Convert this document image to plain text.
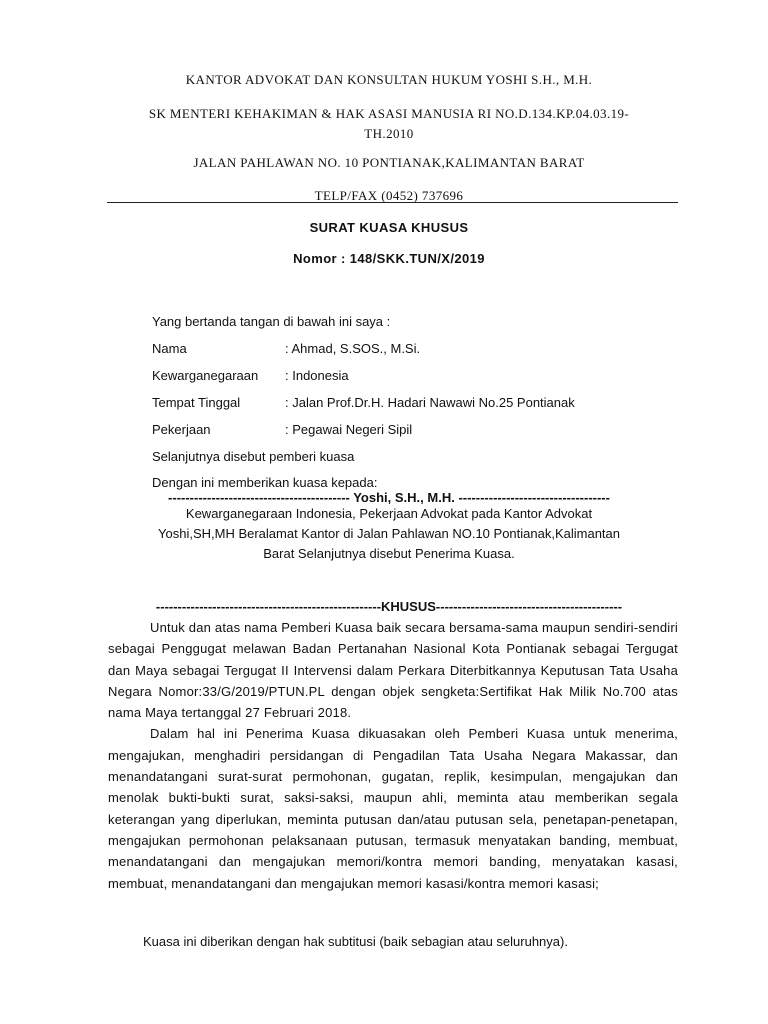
KANTOR ADVOKAT DAN KONSULTAN HUKUM YOSHI S.H., M.H.
SK MENTERI KEHAKIMAN & HAK ASASI MANUSIA RI NO.D.134.KP.04.03.19-
TH.2010
JALAN PAHLAWAN NO. 10 PONTIANAK,KALIMANTAN BARAT
TELP/FAX (0452) 737696
SURAT KUASA KHUSUS
Nomor : 148/SKK.TUN/X/2019
Yang bertanda tangan di bawah ini saya :
Nama	: Ahmad, S.SOS., M.Si.
Kewarganegaraan : Indonesia
Tempat Tinggal	: Jalan Prof.Dr.H. Hadari Nawawi No.25 Pontianak
Pekerjaan	: Pegawai Negeri Sipil
Selanjutnya disebut pemberi kuasa
Dengan ini memberikan kuasa kepada:
------------------------------------------ Yoshi, S.H., M.H. -----------------------------------
Kewarganegaraan Indonesia, Pekerjaan Advokat pada Kantor Advokat
Yoshi,SH,MH Beralamat Kantor di Jalan Pahlawan NO.10 Pontianak,Kalimantan
Barat Selanjutnya disebut Penerima Kuasa.
----------------------------------------------------KHUSUS-------------------------------------------

Untuk dan atas nama Pemberi Kuasa baik secara bersama-sama maupun sendiri-sendiri sebagai Penggugat melawan Badan Pertanahan Nasional Kota Pontianak sebagai Tergugat dan Maya sebagai Tergugat II Intervensi dalam Perkara Diterbitkannya Keputusan Tata Usaha Negara Nomor:33/G/2019/PTUN.PL dengan objek sengketa:Sertifikat Hak Milik No.700 atas nama Maya tertanggal 27 Februari 2018.

Dalam hal ini Penerima Kuasa dikuasakan oleh Pemberi Kuasa untuk menerima, mengajukan, menghadiri persidangan di Pengadilan Tata Usaha Negara Makassar, dan menandatangani surat-surat permohonan, gugatan, replik, kesimpulan, mengajukan dan menolak bukti-bukti surat, saksi-saksi, maupun ahli, meminta atau memberikan segala keterangan yang diperlukan, meminta putusan dan/atau putusan sela, penetapan-penetapan, mengajukan permohonan pelaksanaan putusan, termasuk menyatakan banding, membuat, menandatangani dan mengajukan memori/kontra memori banding, menyatakan kasasi, membuat, menandatangani dan mengajukan memori kasasi/kontra memori kasasi;

Kuasa ini diberikan dengan hak subtitusi (baik sebagian atau seluruhnya).
